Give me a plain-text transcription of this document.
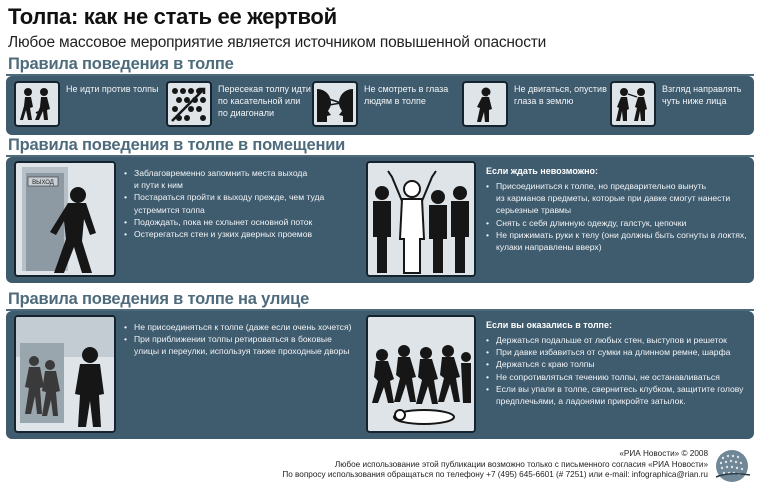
Толпа: как не стать ее жертвой
Любое массовое мероприятие является источником повышенной опасности
Правила поведения в толпе
Не идти против толпы	Пересекая толпу идти
по касательной или
по диагонали
Не смотреть в глаза
людям в толпе
Не двигаться, опустив
глаза в землю
Взгляд направлять
чуть ниже лица
Правила поведения в толпе в помещении
ВЫХОД
• Заблаговременно запомнить места выхода
и пути к ним
• Постараться пройти к выходу прежде, чем туда
устремится толпа
• Подождать, пока не схлынет основной поток
• Остерегаться стен и узких дверных проемов
Если ждать невозможно:
• Присоединиться к толпе, но предварительно вынуть
из карманов предметы, которые при давке смогут нанести
серьезные травмы
• Снять с себя длинную одежду, галстук, цепочки
• Не прижимать руки к телу (они должны быть согнуты в локтях,
кулаки направлены вверх)
Правила поведения в толпе на улице
• Не присоединяться к толпе (даже если очень хочется)
• При приближении толпы ретироваться в боковые
улицы и переулки, используя также проходные дворы
Если вы оказались в толпе:
• Держаться подальше от любых стен, выступов и решеток
• При давке избавиться от сумки на длинном ремне, шарфа
• Держаться с краю толпы
• Не сопротивляться течению толпы, не останавливаться
• Если вы упали в толпе, свернитесь клубком, защитите голову
предплечьями, а ладонями прикройте затылок.
«РИА Новости» © 2008
Любое использование этой публикации возможно только с письменного согласия «РИА Новости»
По вопросу использования обращаться по телефону +7 (495) 645-6601 (# 7251) или e-mail: infographica@rian.ru
